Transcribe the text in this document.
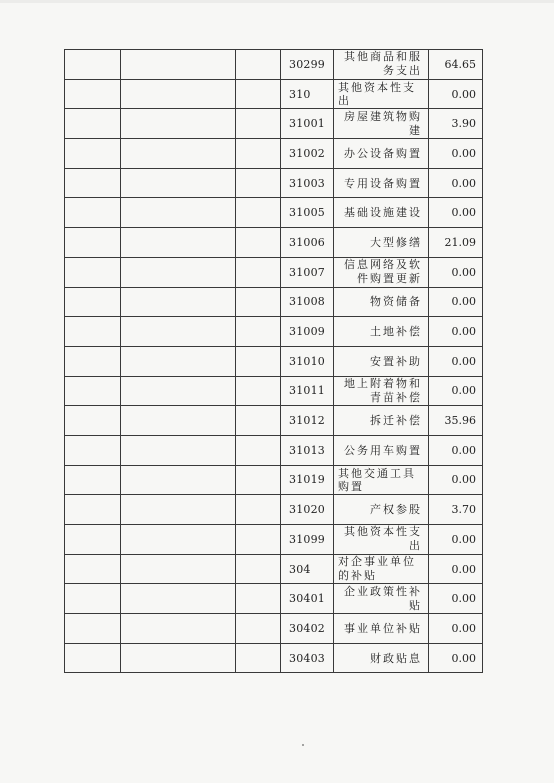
			30299	其他商品和服务支出	64.65
			310	其他资本性支出	0.00
			31001	房屋建筑物购建	3.90
			31002	办公设备购置	0.00
			31003	专用设备购置	0.00
			31005	基础设施建设	0.00
			31006	大型修缮	21.09
			31007	信息网络及软件购置更新	0.00
			31008	物资储备	0.00
			31009	土地补偿	0.00
			31010	安置补助	0.00
			31011	地上附着物和青苗补偿	0.00
			31012	拆迁补偿	35.96
			31013	公务用车购置	0.00
			31019	其他交通工具购置	0.00
			31020	产权参股	3.70
			31099	其他资本性支出	0.00
			304	对企事业单位的补贴	0.00
			30401	企业政策性补贴	0.00
			30402	事业单位补贴	0.00
			30403	财政贴息	0.00
